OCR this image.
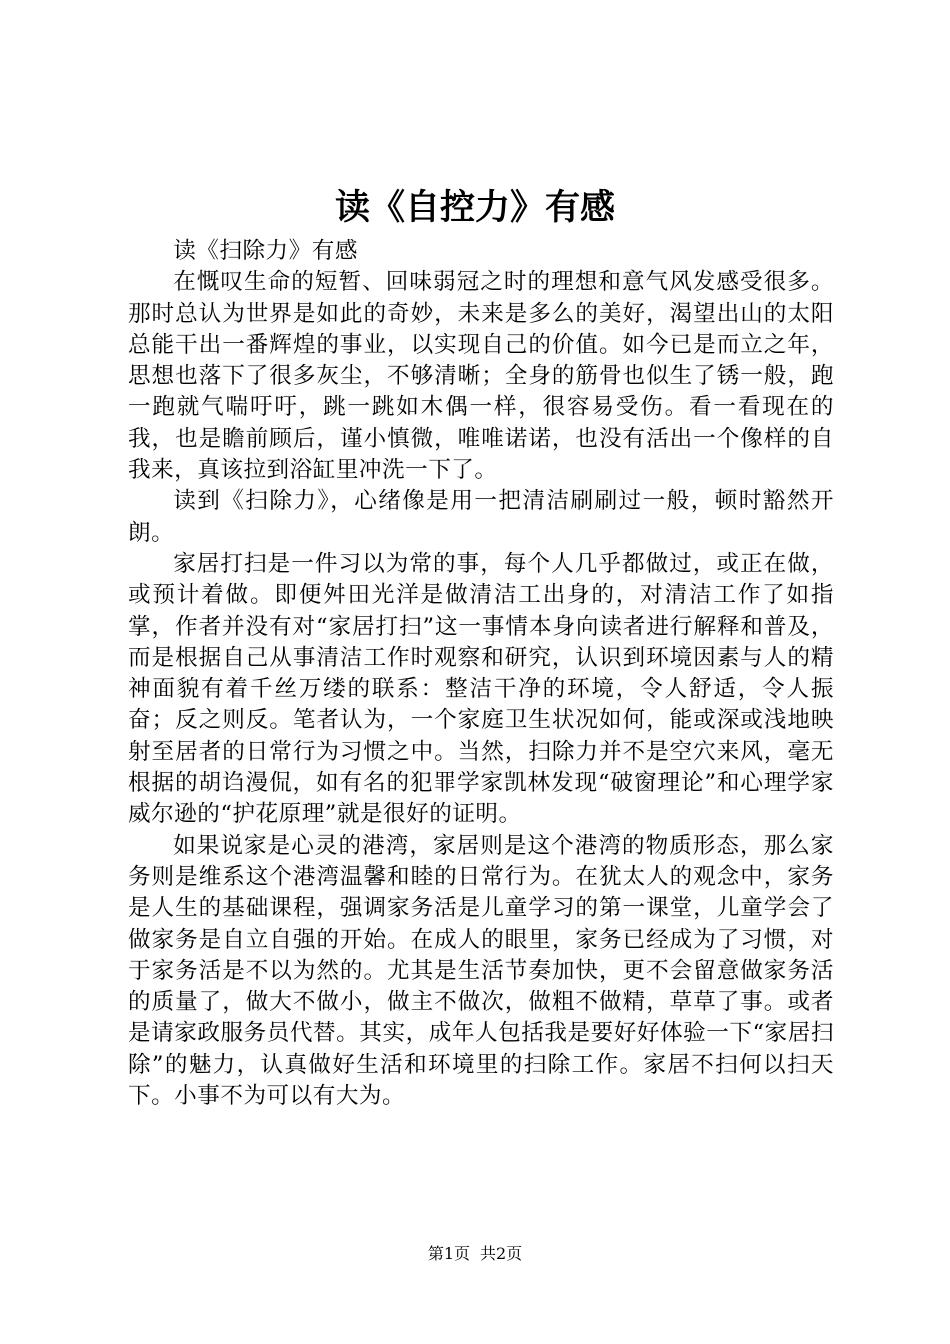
读《自控力》有感

读《扫除力》有感

在慨叹生命的短暂、回味弱冠之时的理想和意气风发感受很多。那时总认为世界是如此的奇妙，未来是多么的美好，渴望出山的太阳总能干出一番辉煌的事业，以实现自己的价值。如今已是而立之年，思想也落下了很多灰尘，不够清晰；全身的筋骨也似生了锈一般，跑一跑就气喘吁吁，跳一跳如木偶一样，很容易受伤。看一看现在的我，也是瞻前顾后，谨小慎微，唯唯诺诺，也没有活出一个像样的自我来，真该拉到浴缸里冲洗一下了。

读到《扫除力》，心绪像是用一把清洁刷刷过一般，顿时豁然开朗。

家居打扫是一件习以为常的事，每个人几乎都做过，或正在做，或预计着做。即便舛田光洋是做清洁工出身的，对清洁工作了如指掌，作者并没有对“家居打扫”这一事情本身向读者进行解释和普及，而是根据自己从事清洁工作时观察和研究，认识到环境因素与人的精神面貌有着千丝万缕的联系：整洁干净的环境，令人舒适，令人振奋；反之则反。笔者认为，一个家庭卫生状况如何，能或深或浅地映射至居者的日常行为习惯之中。当然，扫除力并不是空穴来风，毫无根据的胡诌漫侃，如有名的犯罪学家凯林发现“破窗理论”和心理学家威尔逊的“护花原理”就是很好的证明。

如果说家是心灵的港湾，家居则是这个港湾的物质形态，那么家务则是维系这个港湾温馨和睦的日常行为。在犹太人的观念中，家务是人生的基础课程，强调家务活是儿童学习的第一课堂，儿童学会了做家务是自立自强的开始。在成人的眼里，家务已经成为了习惯，对于家务活是不以为然的。尤其是生活节奏加快，更不会留意做家务活的质量了，做大不做小，做主不做次，做粗不做精，草草了事。或者是请家政服务员代替。其实，成年人包括我是要好好体验一下“家居扫除”的魅力，认真做好生活和环境里的扫除工作。家居不扫何以扫天下。小事不为可以有大为。

第1页 共2页
